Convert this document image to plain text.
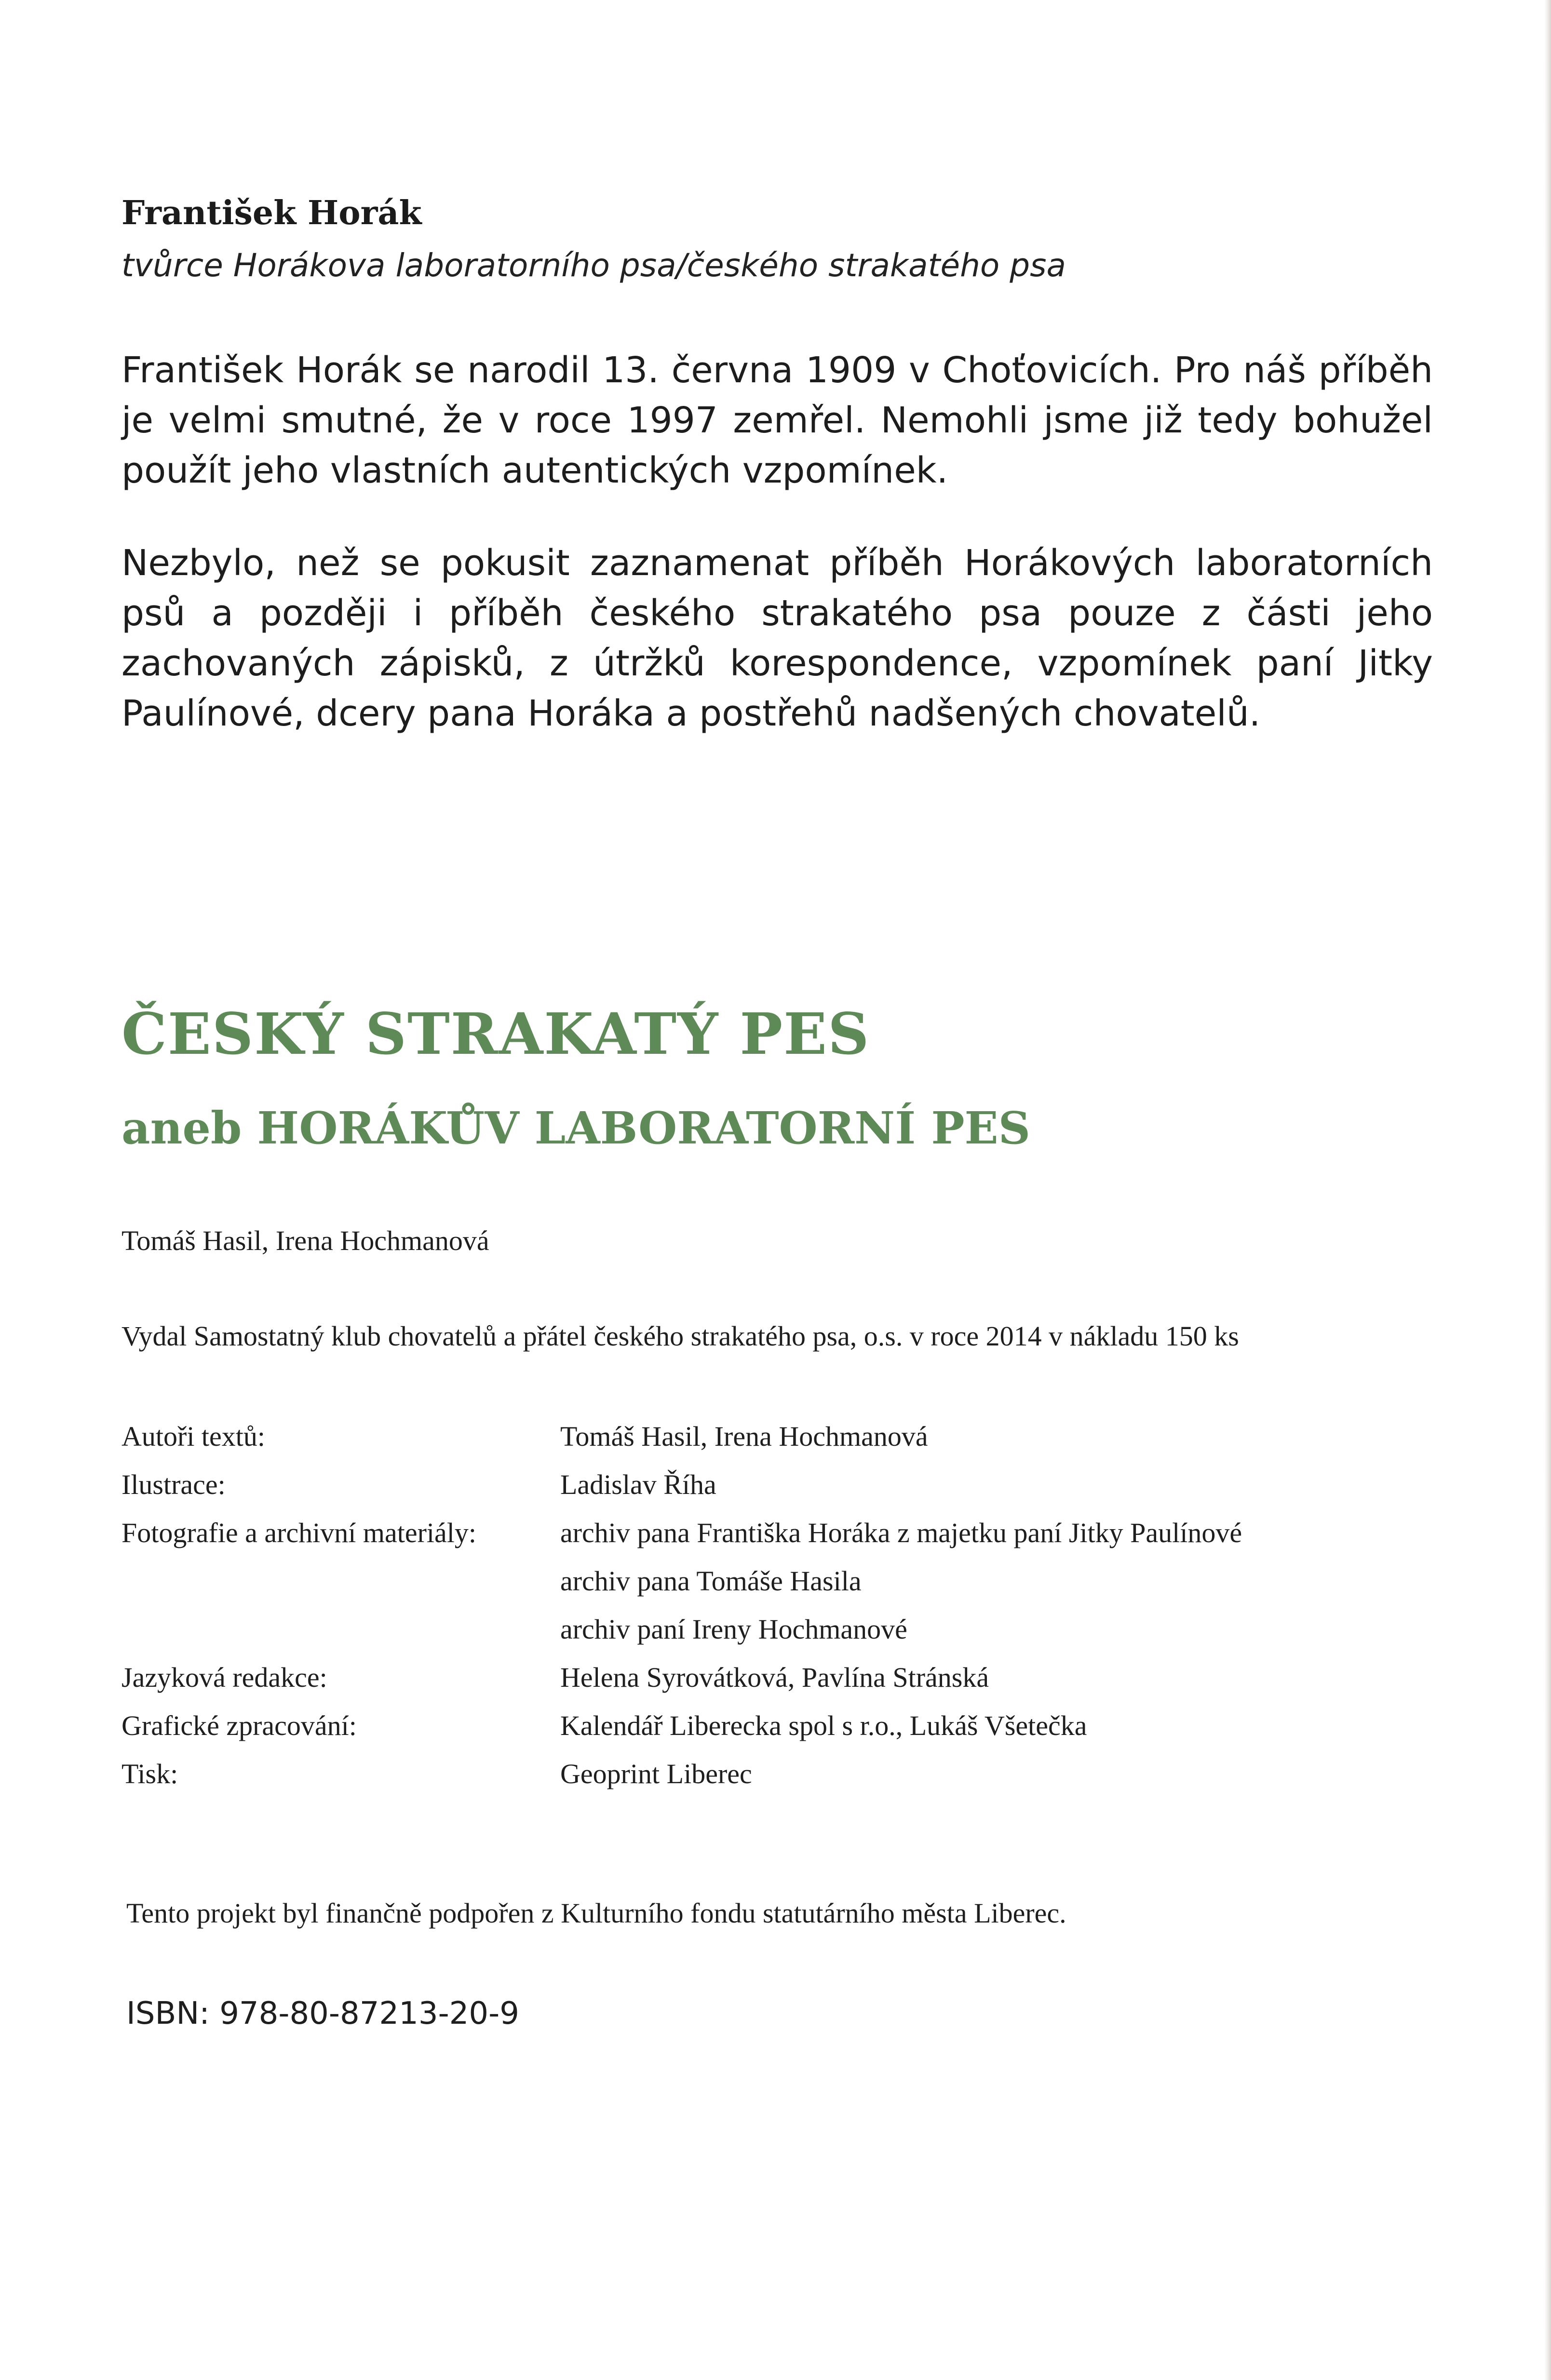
František Horák

tvůrce Horákova laboratorního psa/českého strakatého psa

František Horák se narodil 13. června 1909 v Choťovicích. Pro náš příběh je velmi smutné, že v roce 1997 zemřel. Nemohli jsme již tedy bohužel použít jeho vlastních autentických vzpomínek.

Nezbylo, než se pokusit zaznamenat příběh Horákových laboratorních psů a později i příběh českého strakatého psa pouze z části jeho zachovaných zápisků, z útržků korespondence, vzpomínek paní Jitky Paulínové, dcery pana Horáka a postřehů nadšených chovatelů.

ČESKÝ STRAKATÝ PES
aneb HORÁKŮV LABORATORNÍ PES

Tomáš Hasil, Irena Hochmanová

Vydal Samostatný klub chovatelů a přátel českého strakatého psa, o.s. v roce 2014 v nákladu 150 ks

Autoři textů:	Tomáš Hasil, Irena Hochmanová
Ilustrace:	Ladislav Říha
Fotografie a archivní materiály:	archiv pana Františka Horáka z majetku paní Jitky Paulínové
archiv pana Tomáše Hasila
archiv paní Ireny Hochmanové
Jazyková redakce:	Helena Syrovátková, Pavlína Stránská
Grafické zpracování:	Kalendář Liberecka spol s r.o., Lukáš Všetečka
Tisk:	Geoprint Liberec

Tento projekt byl finančně podpořen z Kulturního fondu statutárního města Liberec.

ISBN: 978-80-87213-20-9
